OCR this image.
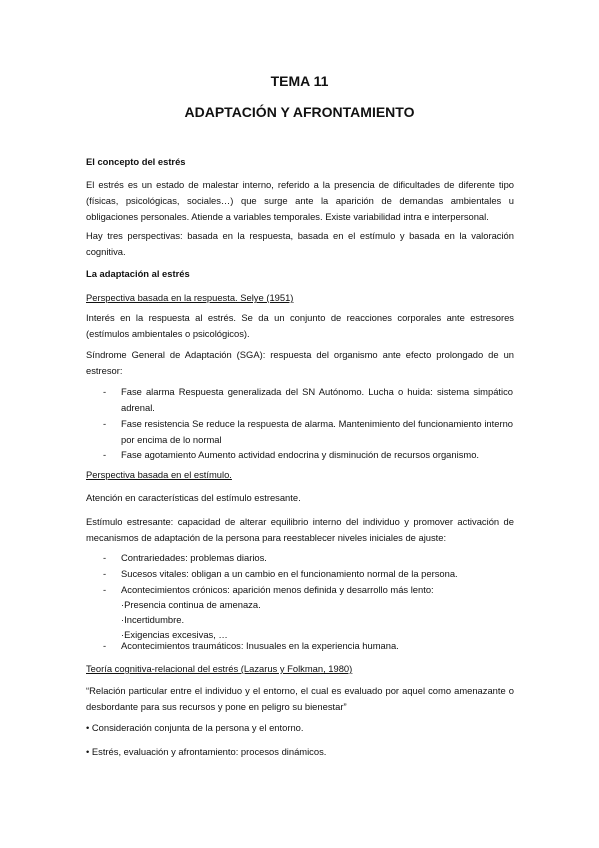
TEMA 11
ADAPTACIÓN Y AFRONTAMIENTO
El concepto del estrés
El estrés es un estado de malestar interno, referido a la presencia de dificultades de diferente tipo (físicas, psicológicas, sociales…) que surge ante la aparición de demandas ambientales u obligaciones personales. Atiende a variables temporales. Existe variabilidad intra e interpersonal.
Hay tres perspectivas: basada en la respuesta, basada en el estímulo y basada en la valoración cognitiva.
La adaptación al estrés
Perspectiva basada en la respuesta. Selye (1951)
Interés en la respuesta al estrés. Se da un conjunto de reacciones corporales ante estresores (estímulos ambientales o psicológicos).
Síndrome General de Adaptación (SGA): respuesta del organismo ante efecto prolongado de un estresor:
- Fase alarma Respuesta generalizada del SN Autónomo. Lucha o huida: sistema simpático adrenal.
- Fase resistencia Se reduce la respuesta de alarma. Mantenimiento del funcionamiento interno por encima de lo normal
- Fase agotamiento Aumento actividad endocrina y disminución de recursos organismo.
Perspectiva basada en el estímulo.
Atención en características del estímulo estresante.
Estímulo estresante: capacidad de alterar equilibrio interno del individuo y promover activación de mecanismos de adaptación de la persona para reestablecer niveles iniciales de ajuste:
- Contrariedades: problemas diarios.
- Sucesos vitales: obligan a un cambio en el funcionamiento normal de la persona.
- Acontecimientos crónicos: aparición menos definida y desarrollo más lento:
·Presencia continua de amenaza.
·Incertidumbre.
·Exigencias excesivas, …
- Acontecimientos traumáticos: Inusuales en la experiencia humana.
Teoría cognitiva-relacional del estrés (Lazarus y Folkman, 1980)
“Relación particular entre el individuo y el entorno, el cual es evaluado por aquel como amenazante o desbordante para sus recursos y pone en peligro su bienestar”
• Consideración conjunta de la persona y el entorno.
• Estrés, evaluación y afrontamiento: procesos dinámicos.
